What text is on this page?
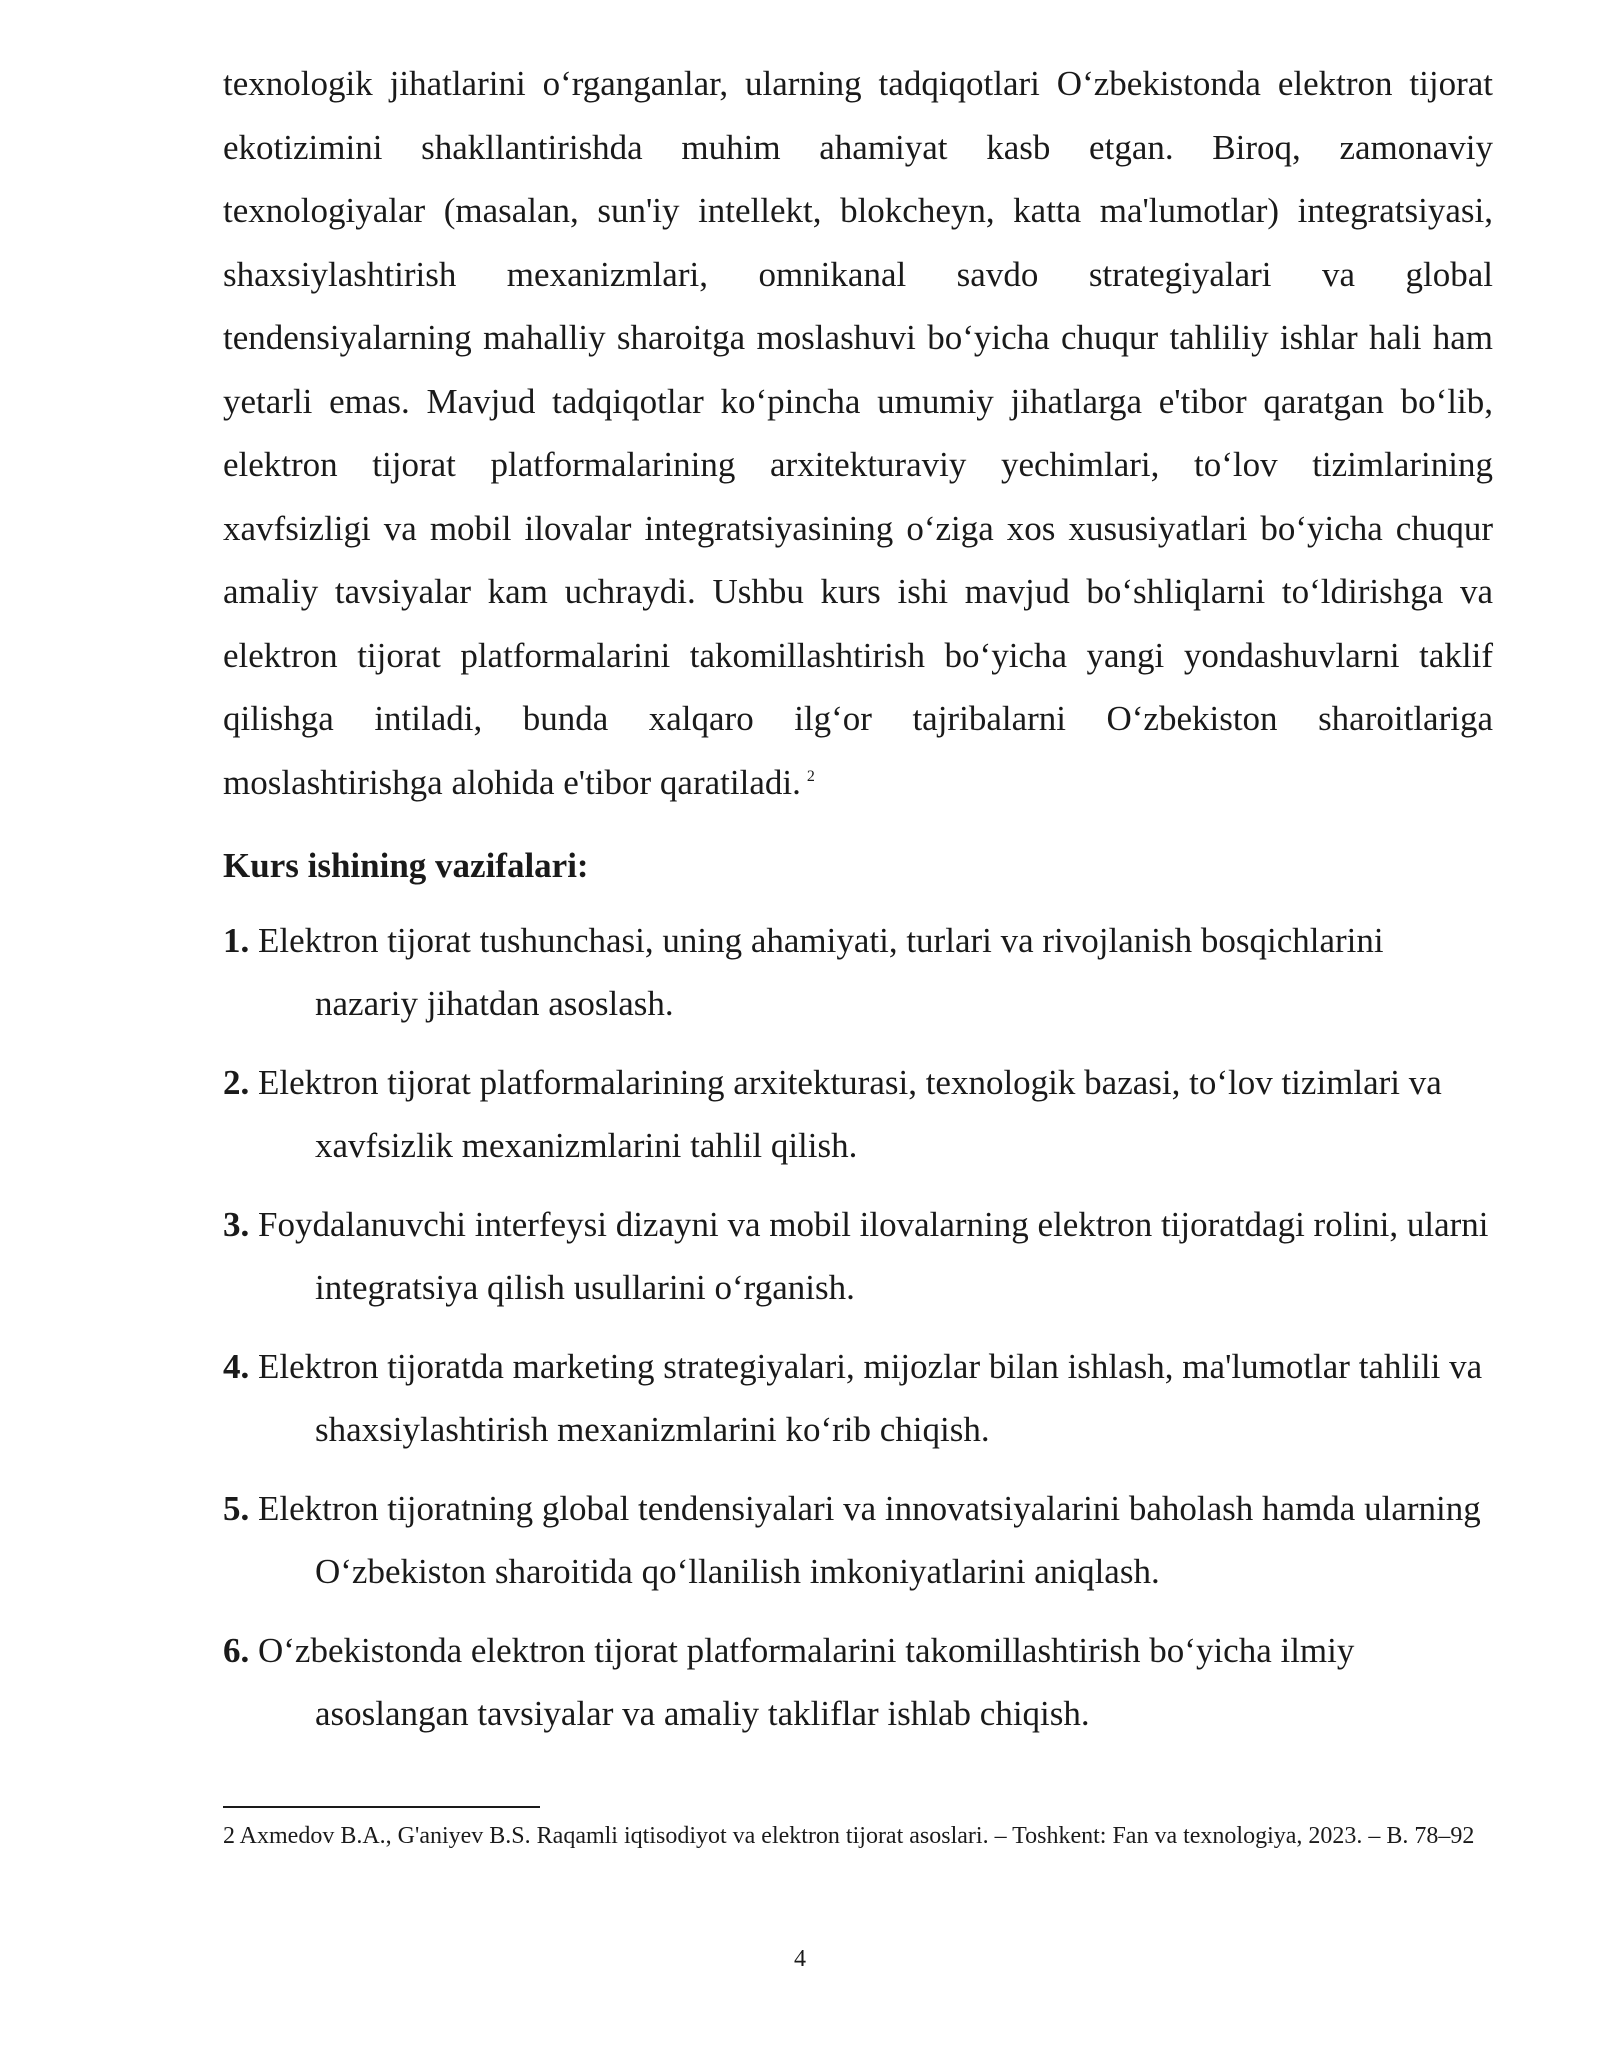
texnologik jihatlarini o‘rganganlar, ularning tadqiqotlari O‘zbekistonda elektron tijorat ekotizimini shakllantirishda muhim ahamiyat kasb etgan. Biroq, zamonaviy texnologiyalar (masalan, sun'iy intellekt, blokcheyn, katta ma'lumotlar) integratsiyasi, shaxsiylashtirish mexanizmlari, omnikanal savdo strategiyalari va global tendensiyalarning mahalliy sharoitga moslashuvi bo‘yicha chuqur tahliliy ishlar hali ham yetarli emas. Mavjud tadqiqotlar ko‘pincha umumiy jihatlarga e'tibor qaratgan bo‘lib, elektron tijorat platformalarining arxitekturaviy yechimlari, to‘lov tizimlarining xavfsizligi va mobil ilovalar integratsiyasining o‘ziga xos xususiyatlari bo‘yicha chuqur amaliy tavsiyalar kam uchraydi. Ushbu kurs ishi mavjud bo‘shliqlarni to‘ldirishga va elektron tijorat platformalarini takomillashtirish bo‘yicha yangi yondashuvlarni taklif qilishga intiladi, bunda xalqaro ilg‘or tajribalarni O‘zbekiston sharoitlariga moslashtirishga alohida e'tibor qaratiladi. $^2$

Kurs ishining vazifalari:
1. Elektron tijorat tushunchasi, uning ahamiyati, turlari va rivojlanish bosqichlarini nazariy jihatdan asoslash.
2. Elektron tijorat platformalarining arxitekturasi, texnologik bazasi, to‘lov tizimlari va xavfsizlik mexanizmlarini tahlil qilish.
3. Foydalanuvchi interfeysi dizayni va mobil ilovalarning elektron tijoratdagi rolini, ularni integratsiya qilish usullarini o‘rganish.
4. Elektron tijoratda marketing strategiyalari, mijozlar bilan ishlash, ma'lumotlar tahlili va shaxsiylashtirish mexanizmlarini ko‘rib chiqish.
5. Elektron tijoratning global tendensiyalari va innovatsiyalarini baholash hamda ularning O‘zbekiston sharoitida qo‘llanilish imkoniyatlarini aniqlash.
6. O‘zbekistonda elektron tijorat platformalarini takomillashtirish bo‘yicha ilmiy asoslangan tavsiyalar va amaliy takliflar ishlab chiqish.

2 Axmedov B.A., G'aniyev B.S. Raqamli iqtisodiyot va elektron tijorat asoslari. – Toshkent: Fan va texnologiya, 2023. – B. 78–92

4
